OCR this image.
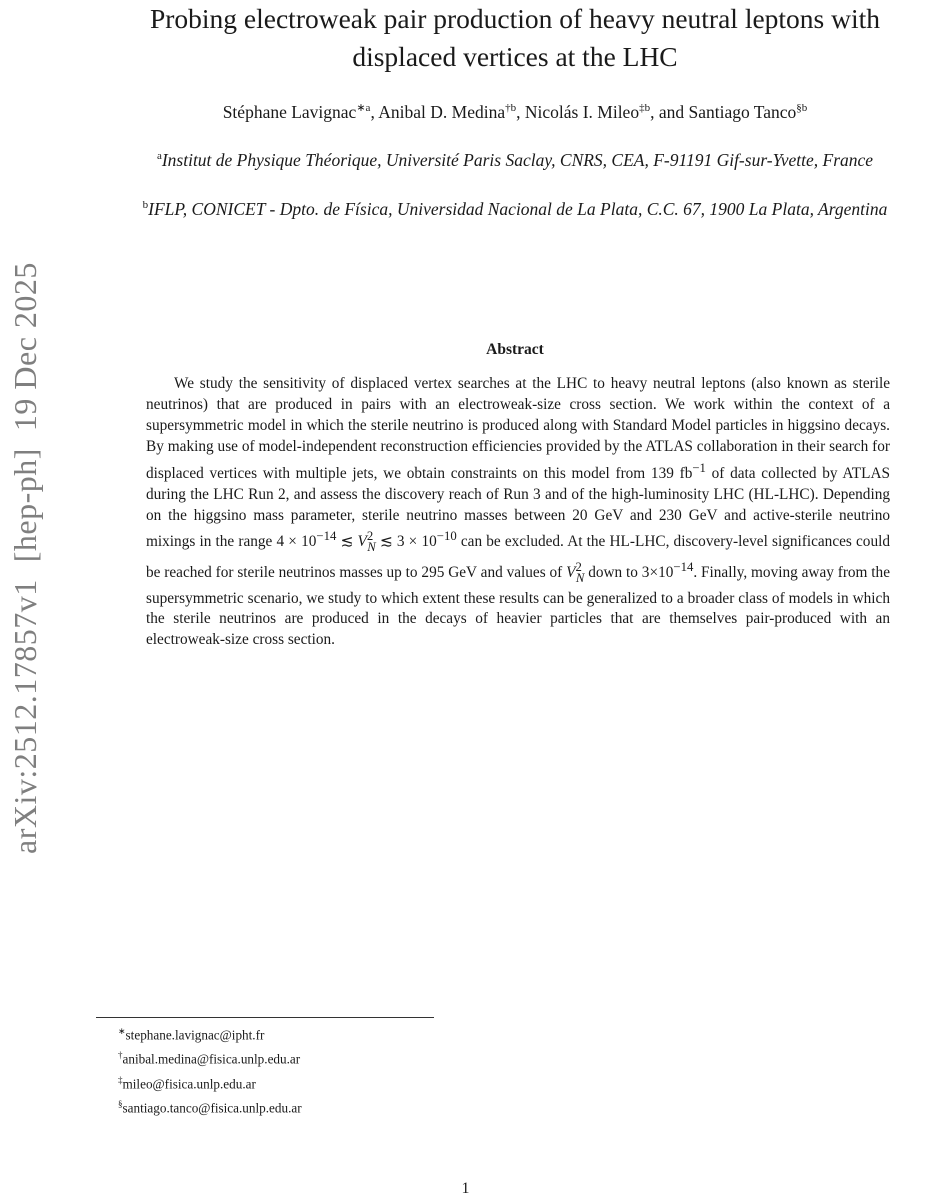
arXiv:2512.17857v1  [hep-ph]  19 Dec 2025
Probing electroweak pair production of heavy neutral leptons with displaced vertices at the LHC
Stéphane Lavignac$^{∗a}$, Anibal D. Medina$^{\dagger b}$, Nicolás I. Mileo$^{\ddagger b}$, and Santiago Tanco$^{\S b}$
$^a$Institut de Physique Théorique, Université Paris Saclay, CNRS, CEA, F-91191 Gif-sur-Yvette, France
$^b$IFLP, CONICET - Dpto. de Física, Universidad Nacional de La Plata, C.C. 67, 1900 La Plata, Argentina
Abstract

We study the sensitivity of displaced vertex searches at the LHC to heavy neutral leptons (also known as sterile neutrinos) that are produced in pairs with an electroweak-size cross section. We work within the context of a supersymmetric model in which the sterile neutrino is produced along with Standard Model particles in higgsino decays. By making use of model-independent reconstruction efficiencies provided by the ATLAS collaboration in their search for displaced vertices with multiple jets, we obtain constraints on this model from 139 $fb^{-1}$ of data collected by ATLAS during the LHC Run 2, and assess the discovery reach of Run 3 and of the high-luminosity LHC (HL-LHC). Depending on the higgsino mass parameter, sterile neutrino masses between 20 GeV and 230 GeV and active-sterile neutrino mixings in the range $4 \times 10^{-14}$ ≲ $V^2_N$ ≲ $3 \times 10^{-10}$ can be excluded. At the HL-LHC, discovery-level significances could be reached for sterile neutrinos masses up to 295 GeV and values of $V^2_N$ down to $3\times 10^{-14}$. Finally, moving away from the supersymmetric scenario, we study to which extent these results can be generalized to a broader class of models in which the sterile neutrinos are produced in the decays of heavier particles that are themselves pair-produced with an electroweak-size cross section.

∗stephane.lavignac@ipht.fr
†anibal.medina@fisica.unlp.edu.ar
‡mileo@fisica.unlp.edu.ar
§santiago.tanco@fisica.unlp.edu.ar
1
